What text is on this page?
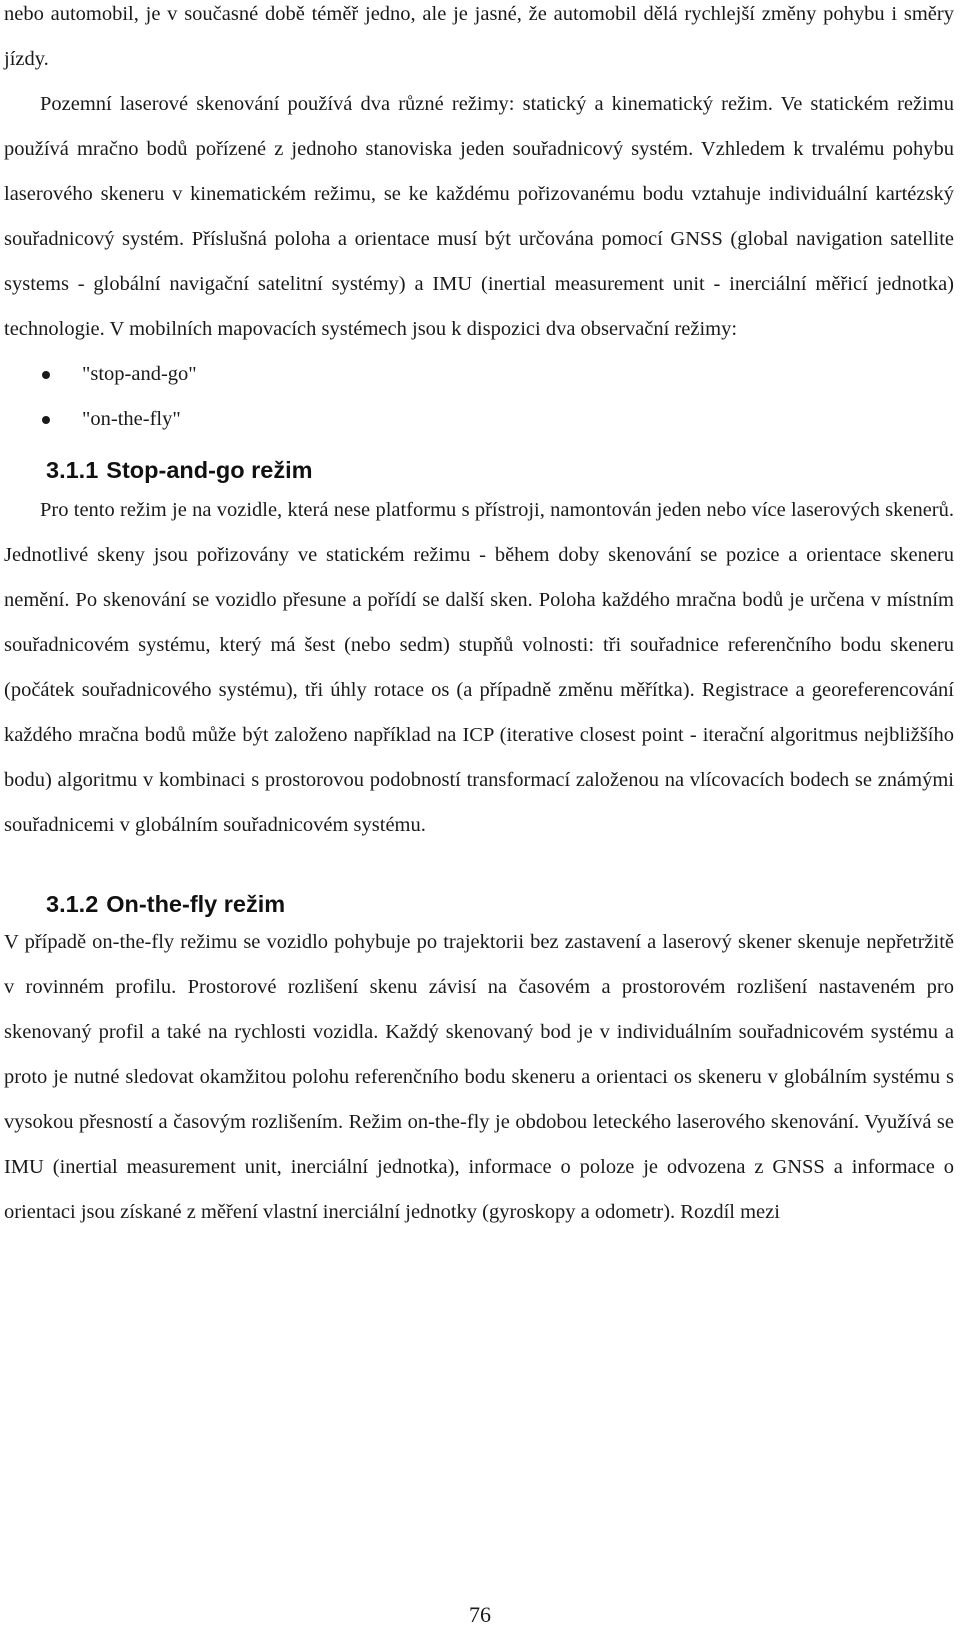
nebo automobil, je v současné době téměř jedno, ale je jasné, že automobil dělá rychlejší změny pohybu i směry jízdy.

Pozemní laserové skenování používá dva různé režimy: statický a kinematický režim. Ve statickém režimu používá mračno bodů pořízené z jednoho stanoviska jeden souřadnicový systém. Vzhledem k trvalému pohybu laserového skeneru v kinematickém režimu, se ke každému pořizovanému bodu vztahuje individuální kartézský souřadnicový systém. Příslušná poloha a orientace musí být určována pomocí GNSS (global navigation satellite systems - globální navigační satelitní systémy) a IMU (inertial measurement unit - inerciální měřicí jednotka) technologie. V mobilních mapovacích systémech jsou k dispozici dva observační režimy:

"stop-and-go"
"on-the-fly"
3.1.1 Stop-and-go režim

Pro tento režim je na vozidle, která nese platformu s přístroji, namontován jeden nebo více laserových skenerů. Jednotlivé skeny jsou pořizovány ve statickém režimu - během doby skenování se pozice a orientace skeneru nemění. Po skenování se vozidlo přesune a pořídí se další sken. Poloha každého mračna bodů je určena v místním souřadnicovém systému, který má šest (nebo sedm) stupňů volnosti: tři souřadnice referenčního bodu skeneru (počátek souřadnicového systému), tři úhly rotace os (a případně změnu měřítka). Registrace a georeferencování každého mračna bodů může být založeno například na ICP (iterative closest point - iterační algoritmus nejbližšího bodu) algoritmu v kombinaci s prostorovou podobností transformací založenou na vlícovacích bodech se známými souřadnicemi v globálním souřadnicovém systému.

3.1.2 On-the-fly režim

V případě on-the-fly režimu se vozidlo pohybuje po trajektorii bez zastavení a laserový skener skenuje nepřetržitě v rovinném profilu. Prostorové rozlišení skenu závisí na časovém a prostorovém rozlišení nastaveném pro skenovaný profil a také na rychlosti vozidla. Každý skenovaný bod je v individuálním souřadnicovém systému a proto je nutné sledovat okamžitou polohu referenčního bodu skeneru a orientaci os skeneru v globálním systému s vysokou přesností a časovým rozlišením. Režim on-the-fly je obdobou leteckého laserového skenování. Využívá se IMU (inertial measurement unit, inerciální jednotka), informace o poloze je odvozena z GNSS a informace o orientaci jsou získané z měření vlastní inerciální jednotky (gyroskopy a odometr). Rozdíl mezi

76
